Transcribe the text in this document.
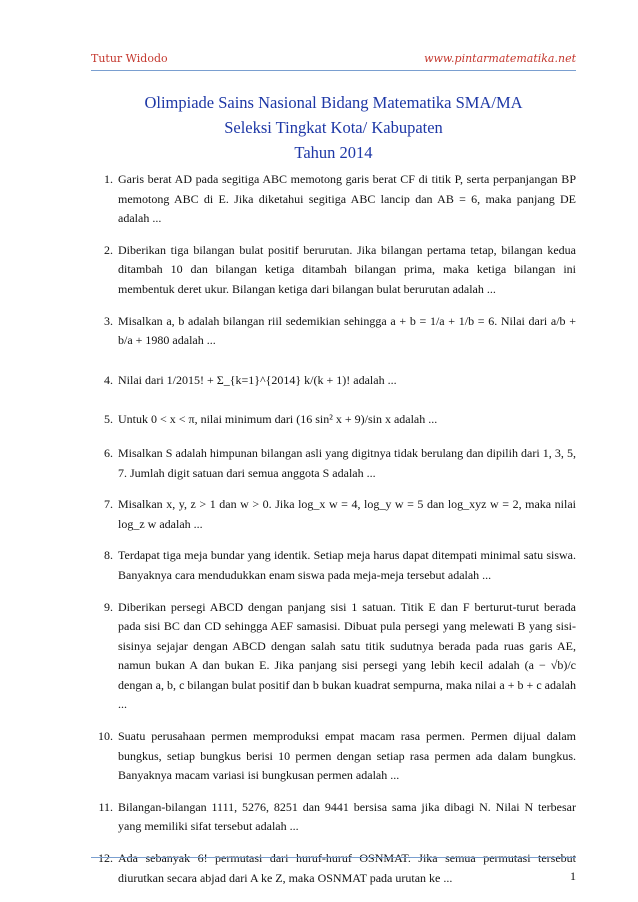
Tutur Widodo	www.pintarmatematika.net
Olimpiade Sains Nasional Bidang Matematika SMA/MA
Seleksi Tingkat Kota/ Kabupaten
Tahun 2014
1. Garis berat AD pada segitiga ABC memotong garis berat CF di titik P, serta perpanjangan BP memotong ABC di E. Jika diketahui segitiga ABC lancip dan AB = 6, maka panjang DE adalah ...
2. Diberikan tiga bilangan bulat positif berurutan. Jika bilangan pertama tetap, bilangan kedua ditambah 10 dan bilangan ketiga ditambah bilangan prima, maka ketiga bilangan ini membentuk deret ukur. Bilangan ketiga dari bilangan bulat berurutan adalah ...
3. Misalkan a, b adalah bilangan riil sedemikian sehingga a + b = 1/a + 1/b = 6. Nilai dari a/b + b/a + 1980 adalah ...
4. Nilai dari 1/2015! + Σ_{k=1}^{2014} k/(k + 1)! adalah ...
5. Untuk 0 < x < π, nilai minimum dari (16 sin² x + 9)/sin x adalah ...
6. Misalkan S adalah himpunan bilangan asli yang digitnya tidak berulang dan dipilih dari 1, 3, 5, 7. Jumlah digit satuan dari semua anggota S adalah ...
7. Misalkan x, y, z > 1 dan w > 0. Jika log_x w = 4, log_y w = 5 dan log_xyz w = 2, maka nilai log_z w adalah ...
8. Terdapat tiga meja bundar yang identik. Setiap meja harus dapat ditempati minimal satu siswa. Banyaknya cara mendudukkan enam siswa pada meja-meja tersebut adalah ...
9. Diberikan persegi ABCD dengan panjang sisi 1 satuan. Titik E dan F berturut-turut berada pada sisi BC dan CD sehingga AEF samasisi. Dibuat pula persegi yang melewati B yang sisi-sisinya sejajar dengan ABCD dengan salah satu titik sudutnya berada pada ruas garis AE, namun bukan A dan bukan E. Jika panjang sisi persegi yang lebih kecil adalah (a − √b)/c dengan a, b, c bilangan bulat positif dan b bukan kuadrat sempurna, maka nilai a + b + c adalah ...
10. Suatu perusahaan permen memproduksi empat macam rasa permen. Permen dijual dalam bungkus, setiap bungkus berisi 10 permen dengan setiap rasa permen ada dalam bungkus. Banyaknya macam variasi isi bungkusan permen adalah ...
11. Bilangan-bilangan 1111, 5276, 8251 dan 9441 bersisa sama jika dibagi N. Nilai N terbesar yang memiliki sifat tersebut adalah ...
12. Ada sebanyak 6! permutasi dari huruf-huruf OSNMAT. Jika semua permutasi tersebut diurutkan secara abjad dari A ke Z, maka OSNMAT pada urutan ke ...	1
